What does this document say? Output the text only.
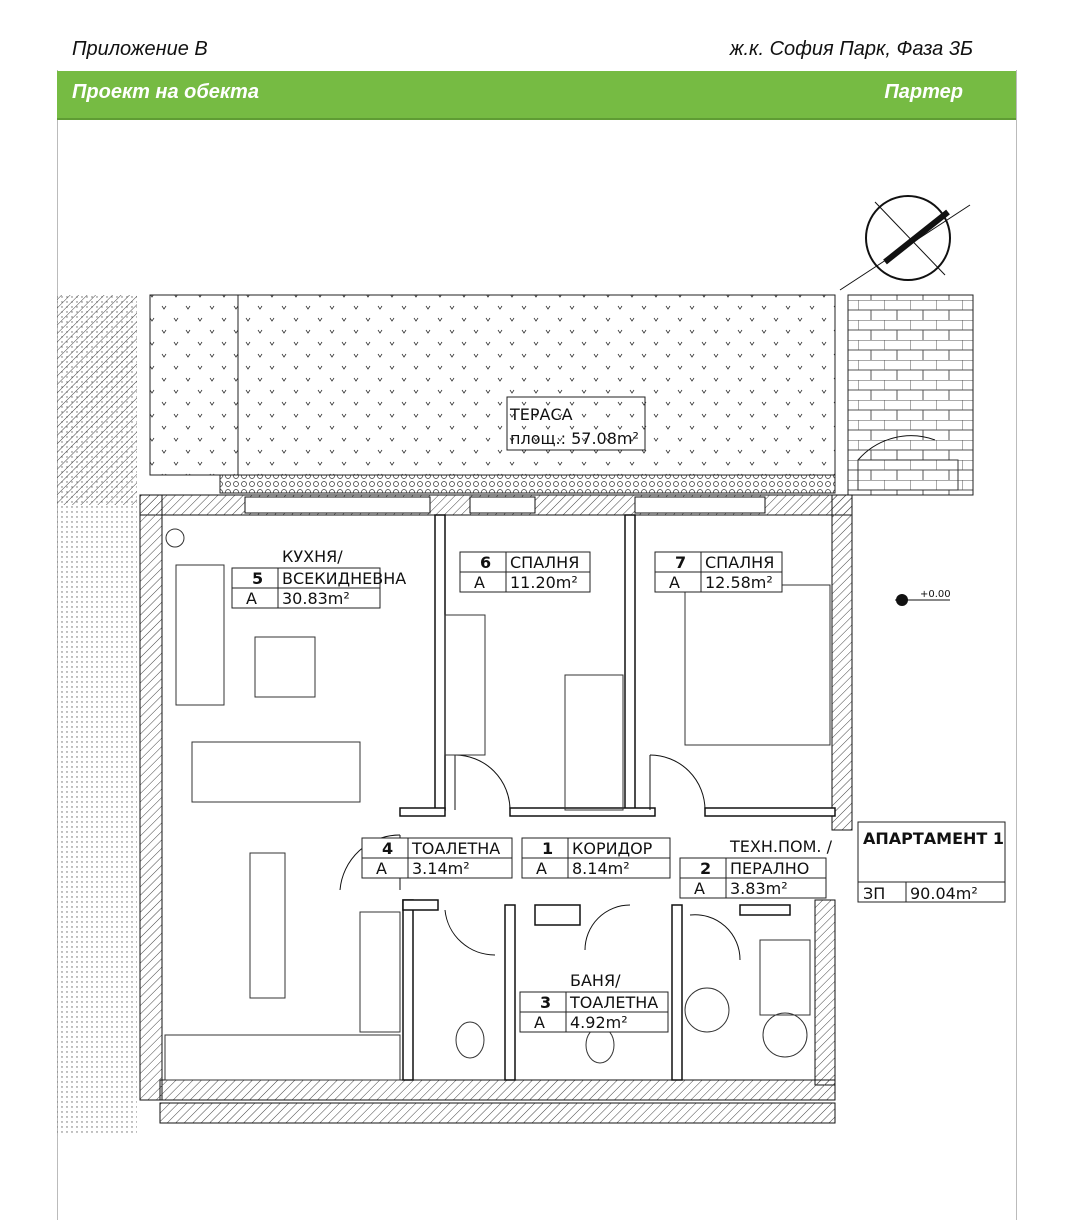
Приложение В	ж.к. София Парк, Фаза 3Б
Проект на обекта	Партер
ТЕРАСА
площ.: 57.08m²
1 КОРИДОР
A 8.14m²
ТЕХН.ПОМ. /
2 ПЕРАЛНО
A 3.83m²
БАНЯ/
3 ТОАЛЕТНА
A 4.92m²
4 ТОАЛЕТНА
A 3.14m²
КУХНЯ/
5 ВСЕКИДНЕВНА
A 30.83m²
6 СПАЛНЯ
A 11.20m²
7 СПАЛНЯ
A 12.58m²
+0.00
АПАРТАМЕНТ 1
ЗП 90.04m²
